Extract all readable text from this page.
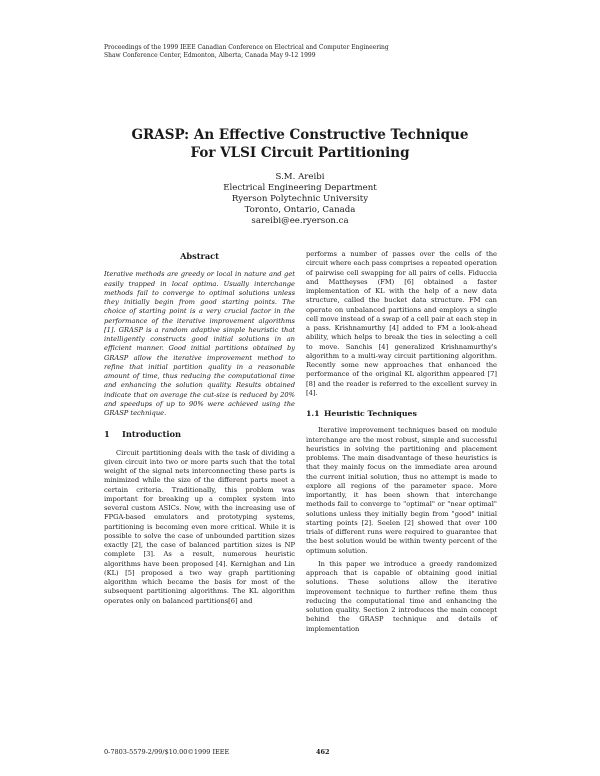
Proceedings of the 1999 IEEE Canadian Conference on Electrical and Computer Engineering
Shaw Conference Center, Edmonton, Alberta, Canada May 9-12 1999
GRASP: An Effective Constructive Technique
For VLSI Circuit Partitioning
S.M. Areibi
Electrical Engineering Department
Ryerson Polytechnic University
Toronto, Ontario, Canada
sareibi@ee.ryerson.ca
Abstract

Iterative methods are greedy or local in nature and get easily trapped in local optima. Usually interchange methods fail to converge to optimal solutions unless they initially begin from good starting points. The choice of starting point is a very crucial factor in the performance of the iterative improvement algorithms [1]. GRASP is a random adaptive simple heuristic that intelligently constructs good initial solutions in an efficient manner. Good initial partitions obtained by GRASP allow the iterative improvement method to refine that initial partition quality in a reasonable amount of time, thus reducing the computational time and enhancing the solution quality. Results obtained indicate that on average the cut-size is reduced by 20% and speedups of up to 90% were achieved using the GRASP technique.

1 Introduction

Circuit partitioning deals with the task of dividing a given circuit into two or more parts such that the total weight of the signal nets interconnecting these parts is minimized while the size of the different parts meet a certain criteria. Traditionally, this problem was important for breaking up a complex system into several custom ASICs. Now, with the increasing use of FPGA-based emulators and prototyping systems, partitioning is becoming even more critical. While it is possible to solve the case of unbounded partition sizes exactly [2], the case of balanced partition sizes is NP complete [3]. As a result, numerous heuristic algorithms have been proposed [4]. Kernighan and Lin (KL) [5] proposed a two way graph partitioning algorithm which became the basis for most of the subsequent partitioning algorithms. The KL algorithm operates only on balanced partitions[6] and

performs a number of passes over the cells of the circuit where each pass comprises a repeated operation of pairwise cell swapping for all pairs of cells. Fiduccia and Mattheyses (FM) [6] obtained a faster implementation of KL with the help of a new data structure, called the bucket data structure. FM can operate on unbalanced partitions and employs a single cell move instead of a swap of a cell pair at each step in a pass. Krishnamurthy [4] added to FM a look-ahead ability, which helps to break the ties in selecting a cell to move. Sanchis [4] generalized Krishnamurthy's algorithm to a multi-way circuit partitioning algorithm. Recently some new approaches that enhanced the performance of the original KL algorithm appeared [7] [8] and the reader is referred to the excellent survey in [4].

1.1 Heuristic Techniques

Iterative improvement techniques based on module interchange are the most robust, simple and successful heuristics in solving the partitioning and placement problems. The main disadvantage of these heuristics is that they mainly focus on the immediate area around the current initial solution, thus no attempt is made to explore all regions of the parameter space. More importantly, it has been shown that interchange methods fail to converge to "optimal" or "near optimal" solutions unless they initially begin from "good" initial starting points [2]. Seelen [2] showed that over 100 trials of different runs were required to guarantee that the best solution would be within twenty percent of the optimum solution.

In this paper we introduce a greedy randomized approach that is capable of obtaining good initial solutions. These solutions allow the iterative improvement technique to further refine them thus reducing the computational time and enhancing the solution quality. Section 2 introduces the main concept behind the GRASP technique and details of implementation

0-7803-5579-2/99/$10.00©1999 IEEE	462
